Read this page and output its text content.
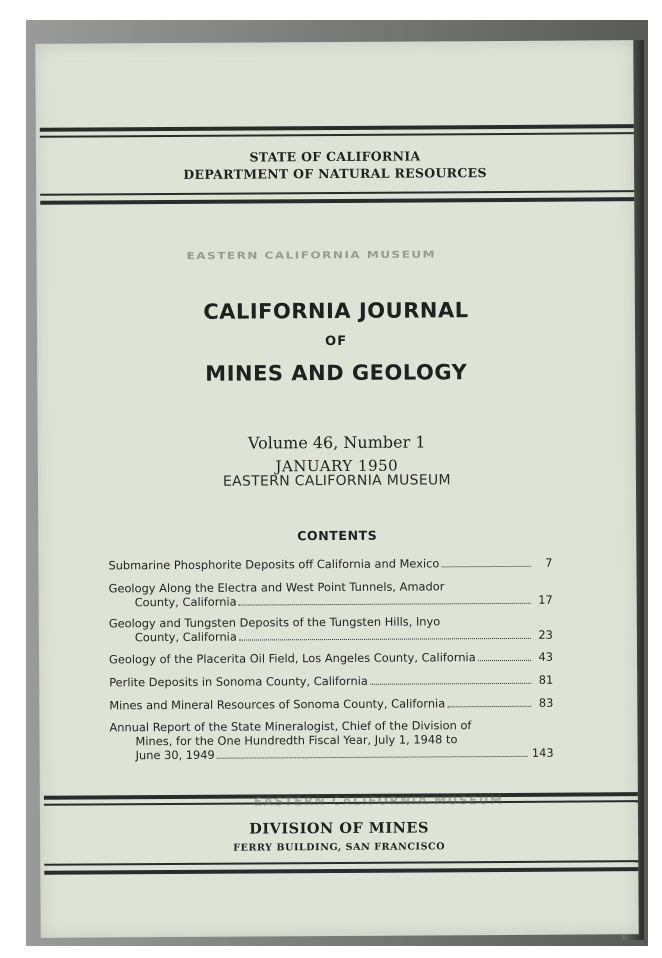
STATE OF CALIFORNIA
DEPARTMENT OF NATURAL RESOURCES
EASTERN CALIFORNIA MUSEUM
CALIFORNIA JOURNAL
OF
MINES AND GEOLOGY
Volume 46, Number 1
JANUARY 1950
EASTERN CALIFORNIA MUSEUM
CONTENTS
Submarine Phosphorite Deposits off California and Mexico	7
Geology Along the Electra and West Point Tunnels, Amador
County, California	17
Geology and Tungsten Deposits of the Tungsten Hills, Inyo
County, California	23
Geology of the Placerita Oil Field, Los Angeles County, California	43
Perlite Deposits in Sonoma County, California	81
Mines and Mineral Resources of Sonoma County, California	83
Annual Report of the State Mineralogist, Chief of the Division of
Mines, for the One Hundredth Fiscal Year, July 1, 1948 to
June 30, 1949	143
EASTERN CALIFORNIA MUSEUM
DIVISION OF MINES
FERRY BUILDING, SAN FRANCISCO
